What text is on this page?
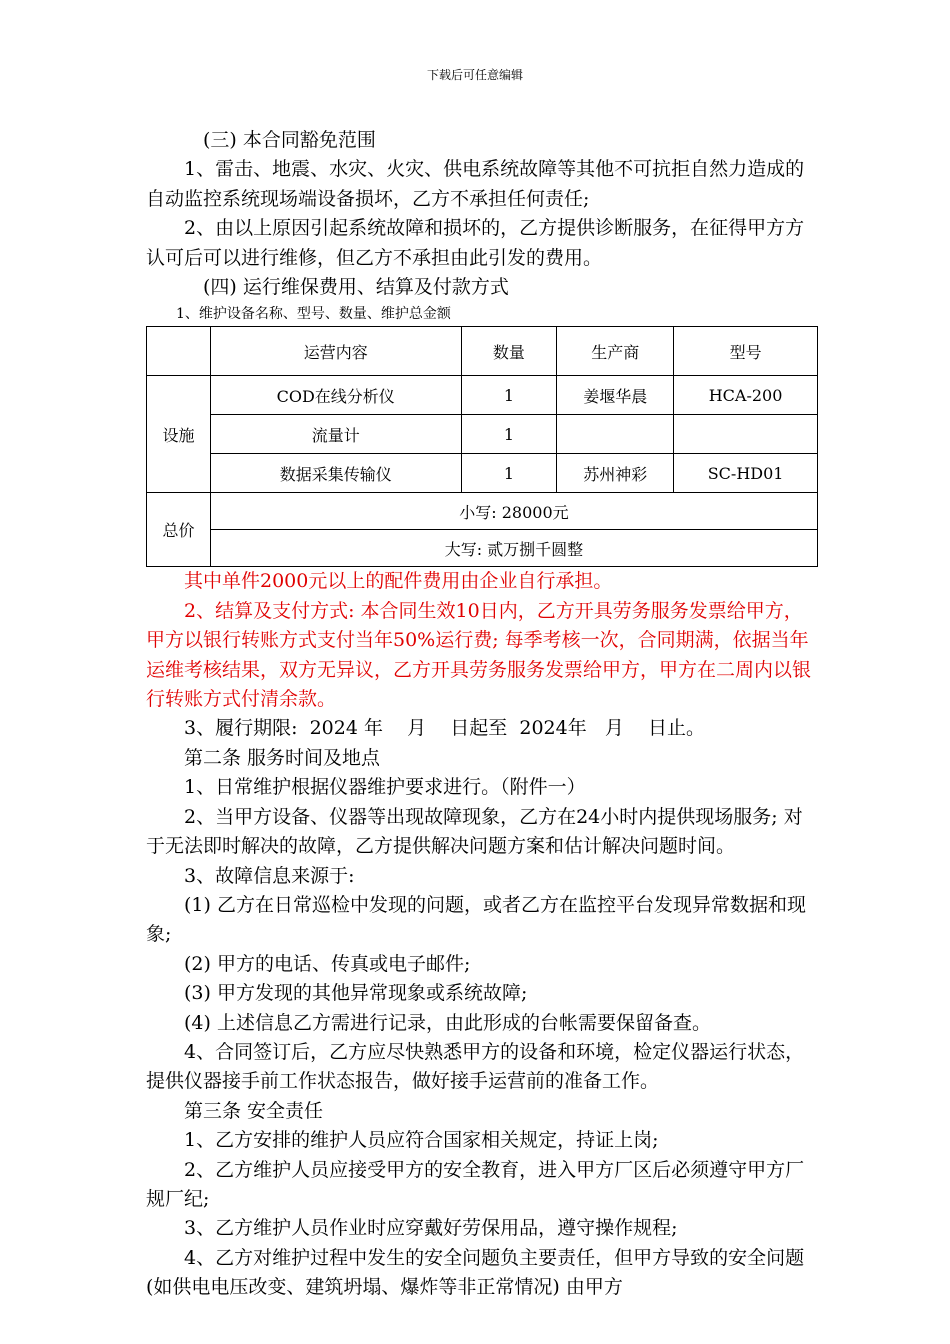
下载后可任意编辑

(三) 本合同豁免范围

1、雷击、地震、水灾、火灾、供电系统故障等其他不可抗拒自然力造成的自动监控系统现场端设备损坏，乙方不承担任何责任;

2、由以上原因引起系统故障和损坏的，乙方提供诊断服务，在征得甲方方认可后可以进行维修，但乙方不承担由此引发的费用。

(四) 运行维保费用、结算及付款方式

1、维护设备名称、型号、数量、维护总金额

	运营内容	数量	生产商	型号
设施	COD在线分析仪	1	姜堰华晨	HCA-200
	流量计	1		
	数据采集传输仪	1	苏州神彩	SC-HD01
总价	小写: 28000元			
	大写: 贰万捌千圆整			

其中单件2000元以上的配件费用由企业自行承担。

2、结算及支付方式: 本合同生效10日内，乙方开具劳务服务发票给甲方，甲方以银行转账方式支付当年50%运行费; 每季考核一次，合同期满，依据当年运维考核结果，双方无异议，乙方开具劳务服务发票给甲方，甲方在二周内以银行转账方式付清余款。

3、履行期限:  2024 年    月    日起至  2024年   月    日止。

第二条 服务时间及地点

1、日常维护根据仪器维护要求进行。（附件一）

2、当甲方设备、仪器等出现故障现象，乙方在24小时内提供现场服务; 对于无法即时解决的故障，乙方提供解决问题方案和估计解决问题时间。

3、故障信息来源于:

(1) 乙方在日常巡检中发现的问题，或者乙方在监控平台发现异常数据和现象;

(2) 甲方的电话、传真或电子邮件;

(3) 甲方发现的其他异常现象或系统故障;

(4) 上述信息乙方需进行记录，由此形成的台帐需要保留备查。

4、合同签订后，乙方应尽快熟悉甲方的设备和环境，检定仪器运行状态，提供仪器接手前工作状态报告，做好接手运营前的准备工作。

第三条 安全责任

1、乙方安排的维护人员应符合国家相关规定，持证上岗;

2、乙方维护人员应接受甲方的安全教育，进入甲方厂区后必须遵守甲方厂规厂纪;

3、乙方维护人员作业时应穿戴好劳保用品，遵守操作规程;

4、乙方对维护过程中发生的安全问题负主要责任，但甲方导致的安全问题(如供电电压改变、建筑坍塌、爆炸等非正常情况) 由甲方
